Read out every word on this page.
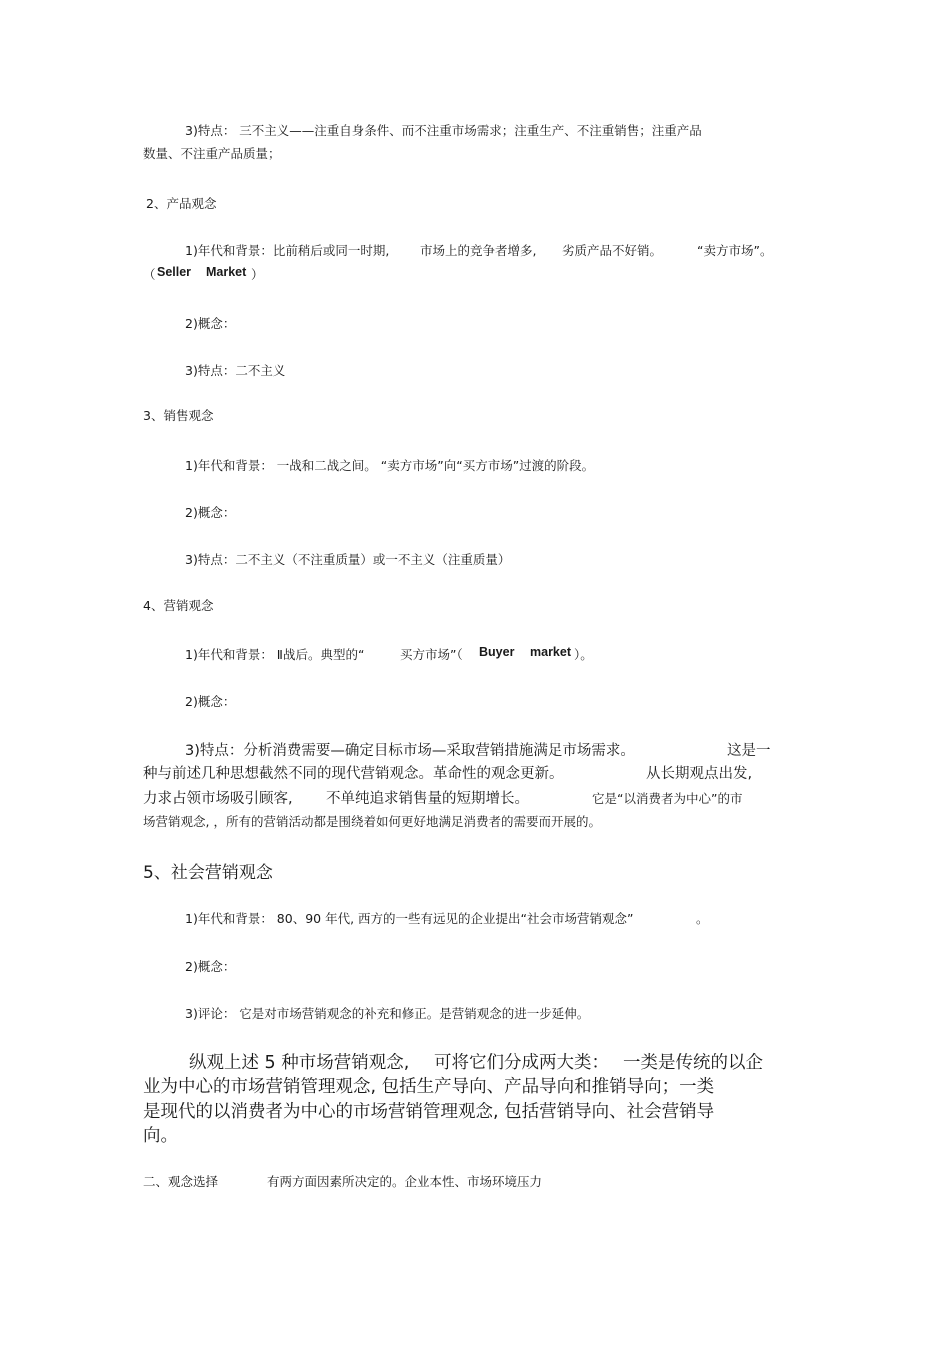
3)特点： 三不主义——注重自身条件、而不注重市场需求；注重生产、不注重销售；注重产品
数量、不注重产品质量；
2、产品观念
1)年代和背景：比前稍后或同一时期, 市场上的竞争者增多, 劣质产品不好销。	“卖方市场”。
（ Seller Market ）
2)概念：
3)特点：二不主义
3、销售观念
1)年代和背景： 一战和二战之间。 “卖方市场”向“买方市场”过渡的阶段。
2)概念：
3)特点：二不主义（不注重质量）或一不主义（注重质量）
4、营销观念
1)年代和背景： Ⅱ战后。典型的“	买方市场”（ Buyer market ）。
2)概念：
3)特点：分析消费需要—确定目标市场—采取营销措施满足市场需求。	这是一
种与前述几种思想截然不同的现代营销观念。革命性的观念更新。	从长期观点出发,
力求占领市场吸引顾客, 不单纯追求销售量的短期增长。	它是“以消费者为中心”的市
场营销观念, ，所有的营销活动都是围绕着如何更好地满足消费者的需要而开展的。
5、社会营销观念
1)年代和背景： 80、90 年代, 西方的一些有远见的企业提出“社会市场营销观念”	。
2)概念：
3)评论： 它是对市场营销观念的补充和修正。是营销观念的进一步延伸。
纵观上述 5 种市场营销观念, 可将它们分成两大类： 一类是传统的以企
业为中心的市场营销管理观念, 包括生产导向、产品导向和推销导向；一类
是现代的以消费者为中心的市场营销管理观念, 包括营销导向、社会营销导
向。
二、观念选择	有两方面因素所决定的。企业本性、市场环境压力
